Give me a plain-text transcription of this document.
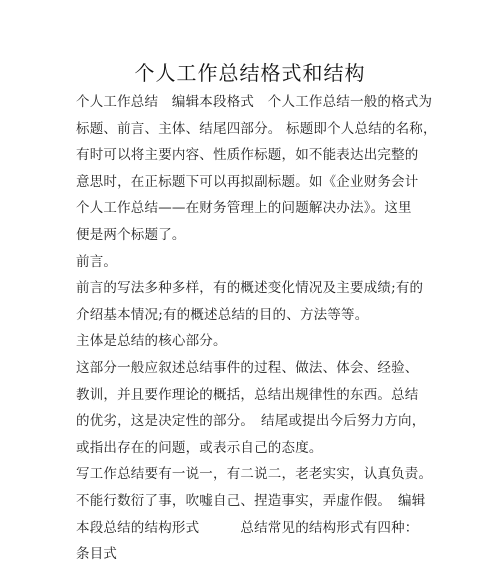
个人工作总结格式和结构
个人工作总结　编辑本段格式　个人工作总结一般的格式为
标题、前言、主体、结尾四部分。 标题即个人总结的名称，
有时可以将主要内容、性质作标题，如不能表达出完整的
意思时，在正标题下可以再拟副标题。如《企业财务会计
个人工作总结——在财务管理上的问题解决办法》。这里
便是两个标题了。
前言。
前言的写法多种多样，有的概述变化情况及主要成绩;有的
介绍基本情况;有的概述总结的目的、方法等等。
主体是总结的核心部分。
这部分一般应叙述总结事件的过程、做法、体会、经验、
教训，并且要作理论的概括，总结出规律性的东西。总结
的优劣，这是决定性的部分。　结尾或提出今后努力方向，
或指出存在的问题，或表示自己的态度。
写工作总结要有一说一，有二说二，老老实实，认真负责。
不能行数衍了事，吹嘘自己、捏造事实，弄虚作假。　编辑
本段总结的结构形式　　　总结常见的结构形式有四种：
条目式
